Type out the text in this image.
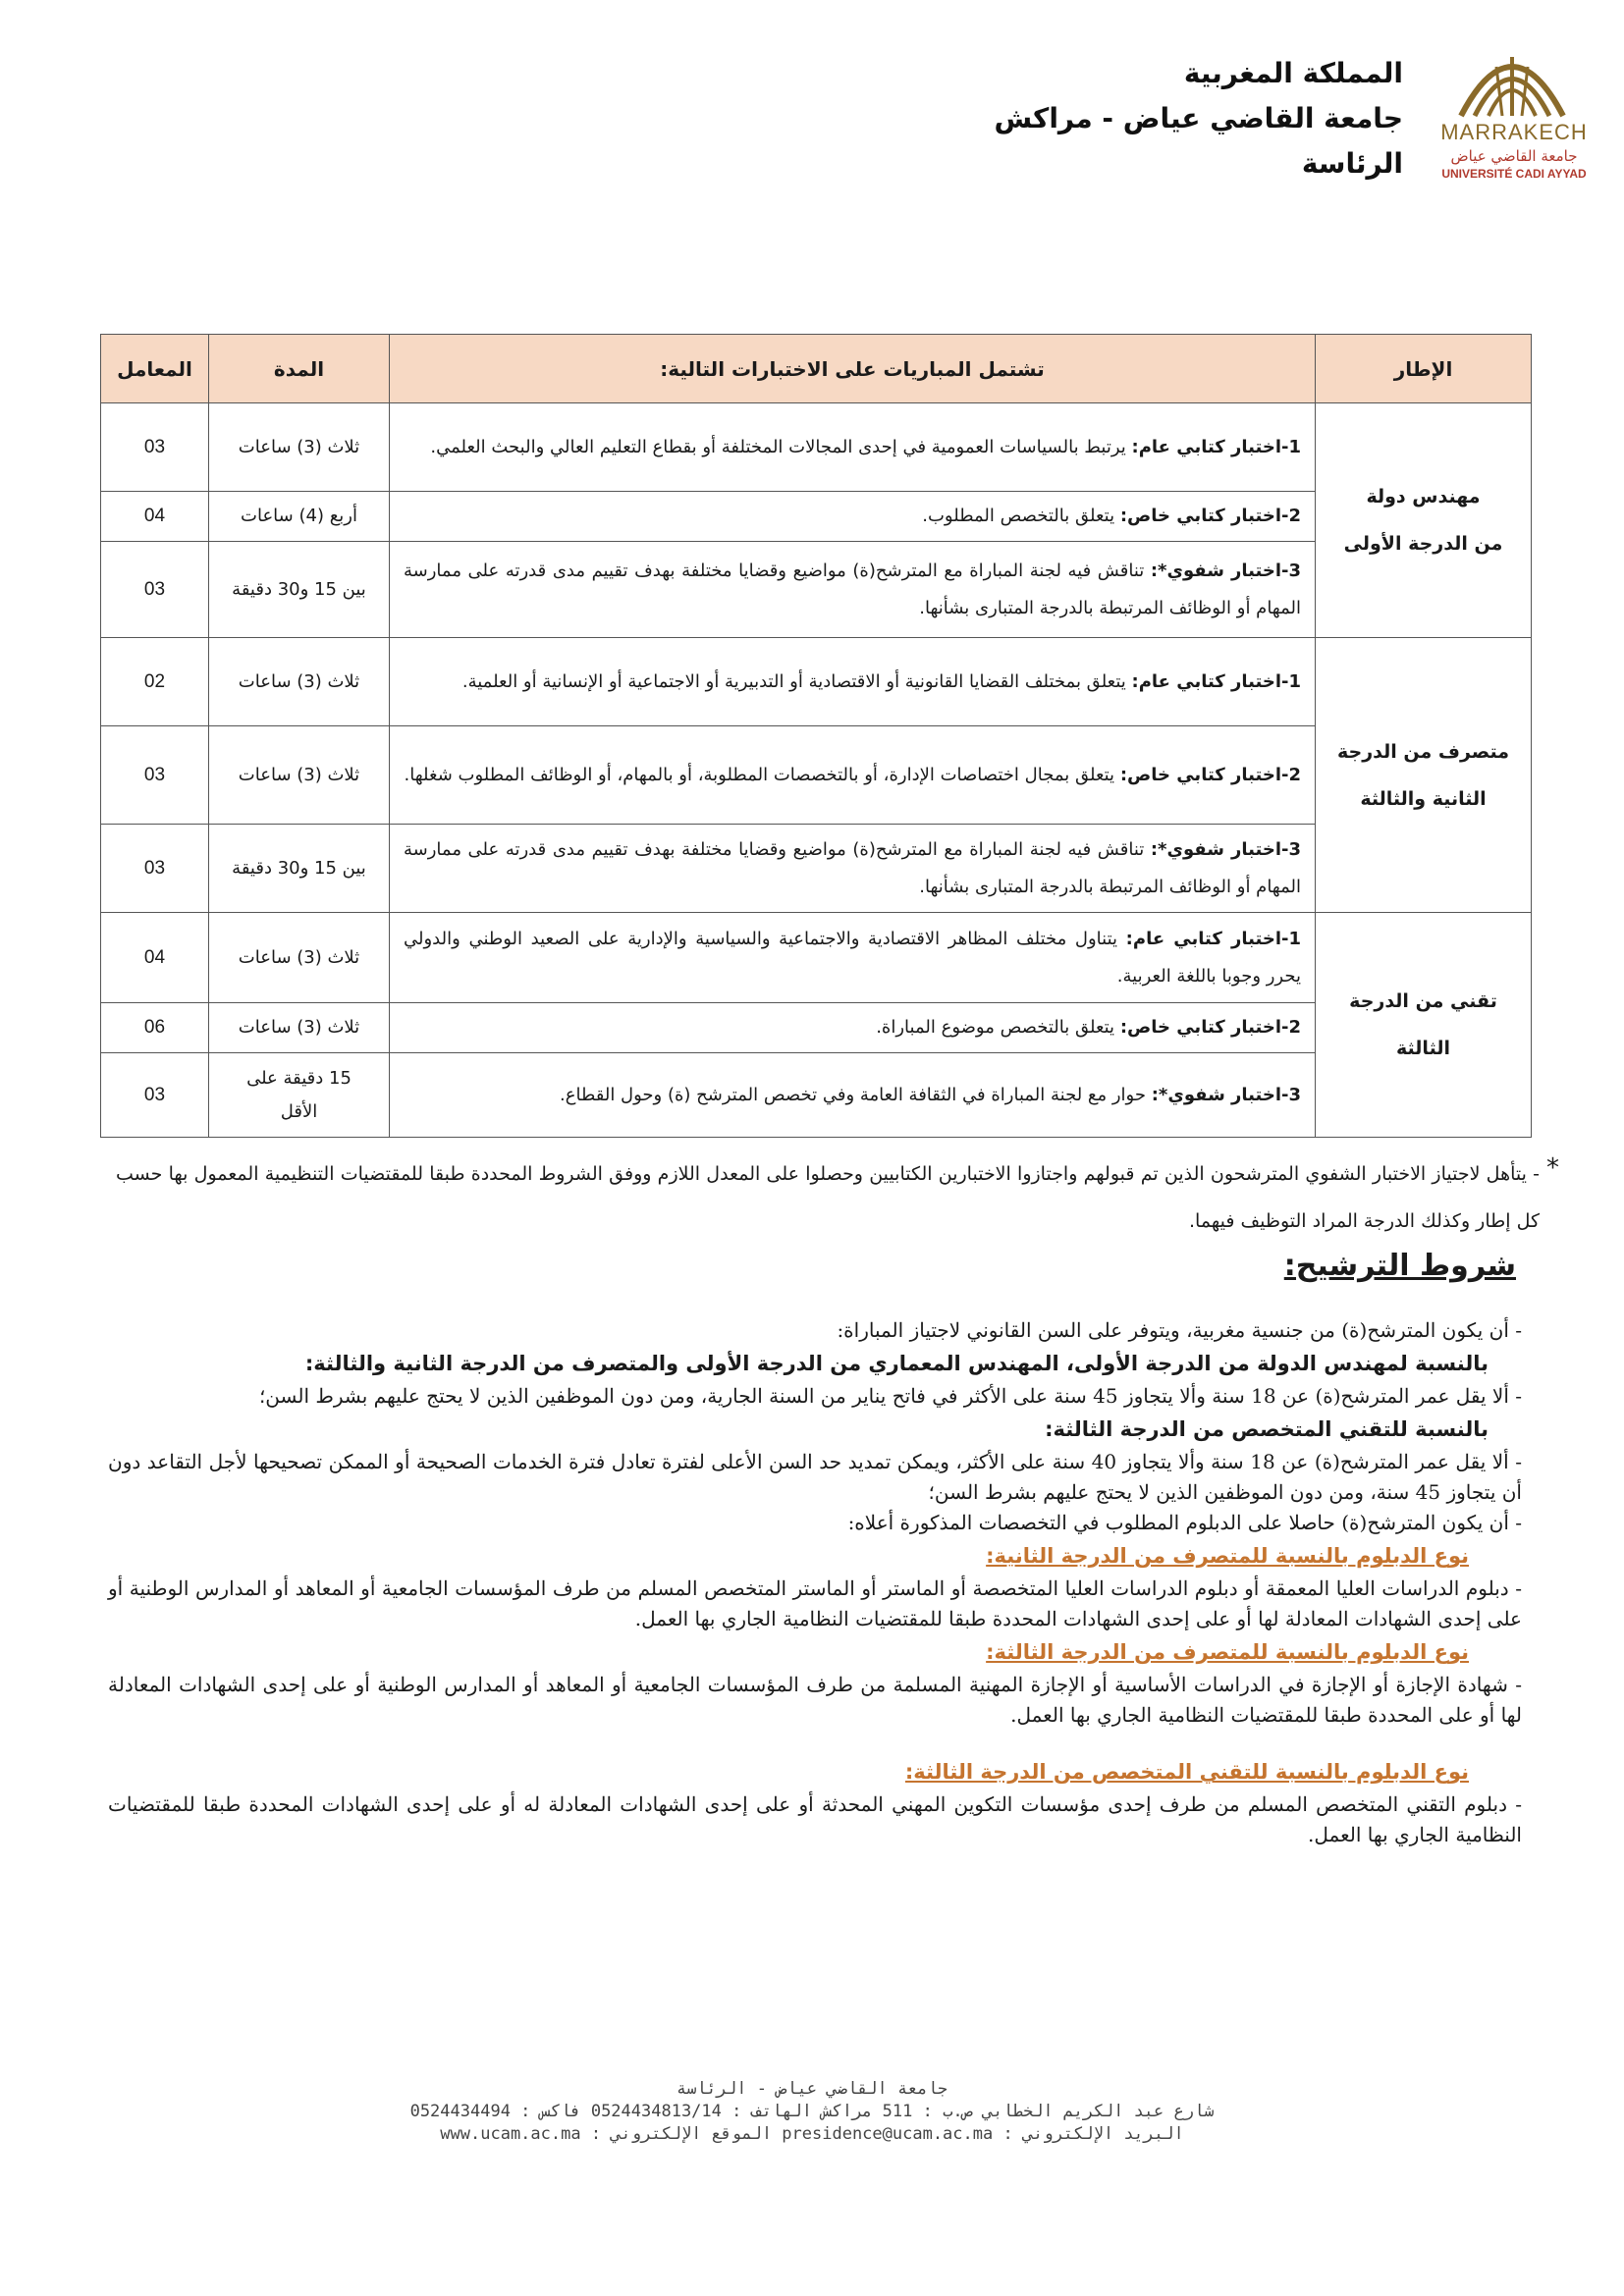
MARRAKECH
جامعة القاضي عياض
UNIVERSITÉ CADI AYYAD
المملكة المغربية
جامعة القاضي عياض - مراكش
الرئاسة
الإطار	تشتمل المباريات على الاختبارات التالية:	المدة	المعامل

مهندس دولة
من الدرجة الأولى	1-اختبار كتابي عام: يرتبط بالسياسات العمومية في إحدى المجالات المختلفة أو بقطاع التعليم العالي والبحث العلمي.	ثلاث (3) ساعات	03
	2-اختبار كتابي خاص: يتعلق بالتخصص المطلوب.	أربع (4) ساعات	04
	3-اختبار شفوي*: تناقش فيه لجنة المباراة مع المترشح(ة) مواضيع وقضايا مختلفة بهدف تقييم مدى قدرته على ممارسة المهام أو الوظائف المرتبطة بالدرجة المتبارى بشأنها.	بين 15 و30 دقيقة	03

متصرف من الدرجة
الثانية والثالثة	1-اختبار كتابي عام: يتعلق بمختلف القضايا القانونية أو الاقتصادية أو التدبيرية أو الاجتماعية أو الإنسانية أو العلمية.	ثلاث (3) ساعات	02
	2-اختبار كتابي خاص: يتعلق بمجال اختصاصات الإدارة، أو بالتخصصات المطلوبة، أو بالمهام، أو الوظائف المطلوب شغلها.	ثلاث (3) ساعات	03
	3-اختبار شفوي*: تناقش فيه لجنة المباراة مع المترشح(ة) مواضيع وقضايا مختلفة بهدف تقييم مدى قدرته على ممارسة المهام أو الوظائف المرتبطة بالدرجة المتبارى بشأنها.	بين 15 و30 دقيقة	03

تقني من الدرجة
الثالثة	1-اختبار كتابي عام: يتناول مختلف المظاهر الاقتصادية والاجتماعية والسياسية والإدارية على الصعيد الوطني والدولي يحرر وجوبا باللغة العربية.	ثلاث (3) ساعات	04
	2-اختبار كتابي خاص: يتعلق بالتخصص موضوع المباراة.	ثلاث (3) ساعات	06
	3-اختبار شفوي*: حوار مع لجنة المباراة في الثقافة العامة وفي تخصص المترشح (ة) وحول القطاع.	15 دقيقة على الأقل	03
*
- يتأهل لاجتياز الاختبار الشفوي المترشحون الذين تم قبولهم واجتازوا الاختبارين الكتابيين وحصلوا على المعدل اللازم ووفق الشروط المحددة طبقا للمقتضيات التنظيمية المعمول بها حسب كل إطار وكذلك الدرجة المراد التوظيف فيهما.
شروط الترشيح:

- أن يكون المترشح(ة) من جنسية مغربية، ويتوفر على السن القانوني لاجتياز المباراة:

بالنسبة لمهندس الدولة من الدرجة الأولى، المهندس المعماري من الدرجة الأولى والمتصرف من الدرجة الثانية والثالثة:

- ألا يقل عمر المترشح(ة) عن 18 سنة وألا يتجاوز 45 سنة على الأكثر في فاتح يناير من السنة الجارية، ومن دون الموظفين الذين لا يحتج عليهم بشرط السن؛

بالنسبة للتقني المتخصص من الدرجة الثالثة:

- ألا يقل عمر المترشح(ة) عن 18 سنة وألا يتجاوز 40 سنة على الأكثر، ويمكن تمديد حد السن الأعلى لفترة تعادل فترة الخدمات الصحيحة أو الممكن تصحيحها لأجل التقاعد دون أن يتجاوز 45 سنة، ومن دون الموظفين الذين لا يحتج عليهم بشرط السن؛

- أن يكون المترشح(ة) حاصلا على الدبلوم المطلوب في التخصصات المذكورة أعلاه:

نوع الدبلوم بالنسبة للمتصرف من الدرجة الثانية:

- دبلوم الدراسات العليا المعمقة أو دبلوم الدراسات العليا المتخصصة أو الماستر أو الماستر المتخصص المسلم من طرف المؤسسات الجامعية أو المعاهد أو المدارس الوطنية أو على إحدى الشهادات المعادلة لها أو على إحدى الشهادات المحددة طبقا للمقتضيات النظامية الجاري بها العمل.

نوع الدبلوم بالنسبة للمتصرف من الدرجة الثالثة:

- شهادة الإجازة أو الإجازة في الدراسات الأساسية أو الإجازة المهنية المسلمة من طرف المؤسسات الجامعية أو المعاهد أو المدارس الوطنية أو على إحدى الشهادات المعادلة لها أو على المحددة طبقا للمقتضيات النظامية الجاري بها العمل.

نوع الدبلوم بالنسبة للتقني المتخصص من الدرجة الثالثة:

- دبلوم التقني المتخصص المسلم من طرف إحدى مؤسسات التكوين المهني المحدثة أو على إحدى الشهادات المعادلة له أو على إحدى الشهادات المحددة طبقا للمقتضيات النظامية الجاري بها العمل.

جامعة القاضي عياض - الرئاسة
شارع عبد الكريم الخطابي ص.ب : 511 مراكش الهاتف : 0524434813/14 فاكس : 0524434494
البريد الإلكتروني : presidence@ucam.ac.ma الموقع الإلكتروني : www.ucam.ac.ma
